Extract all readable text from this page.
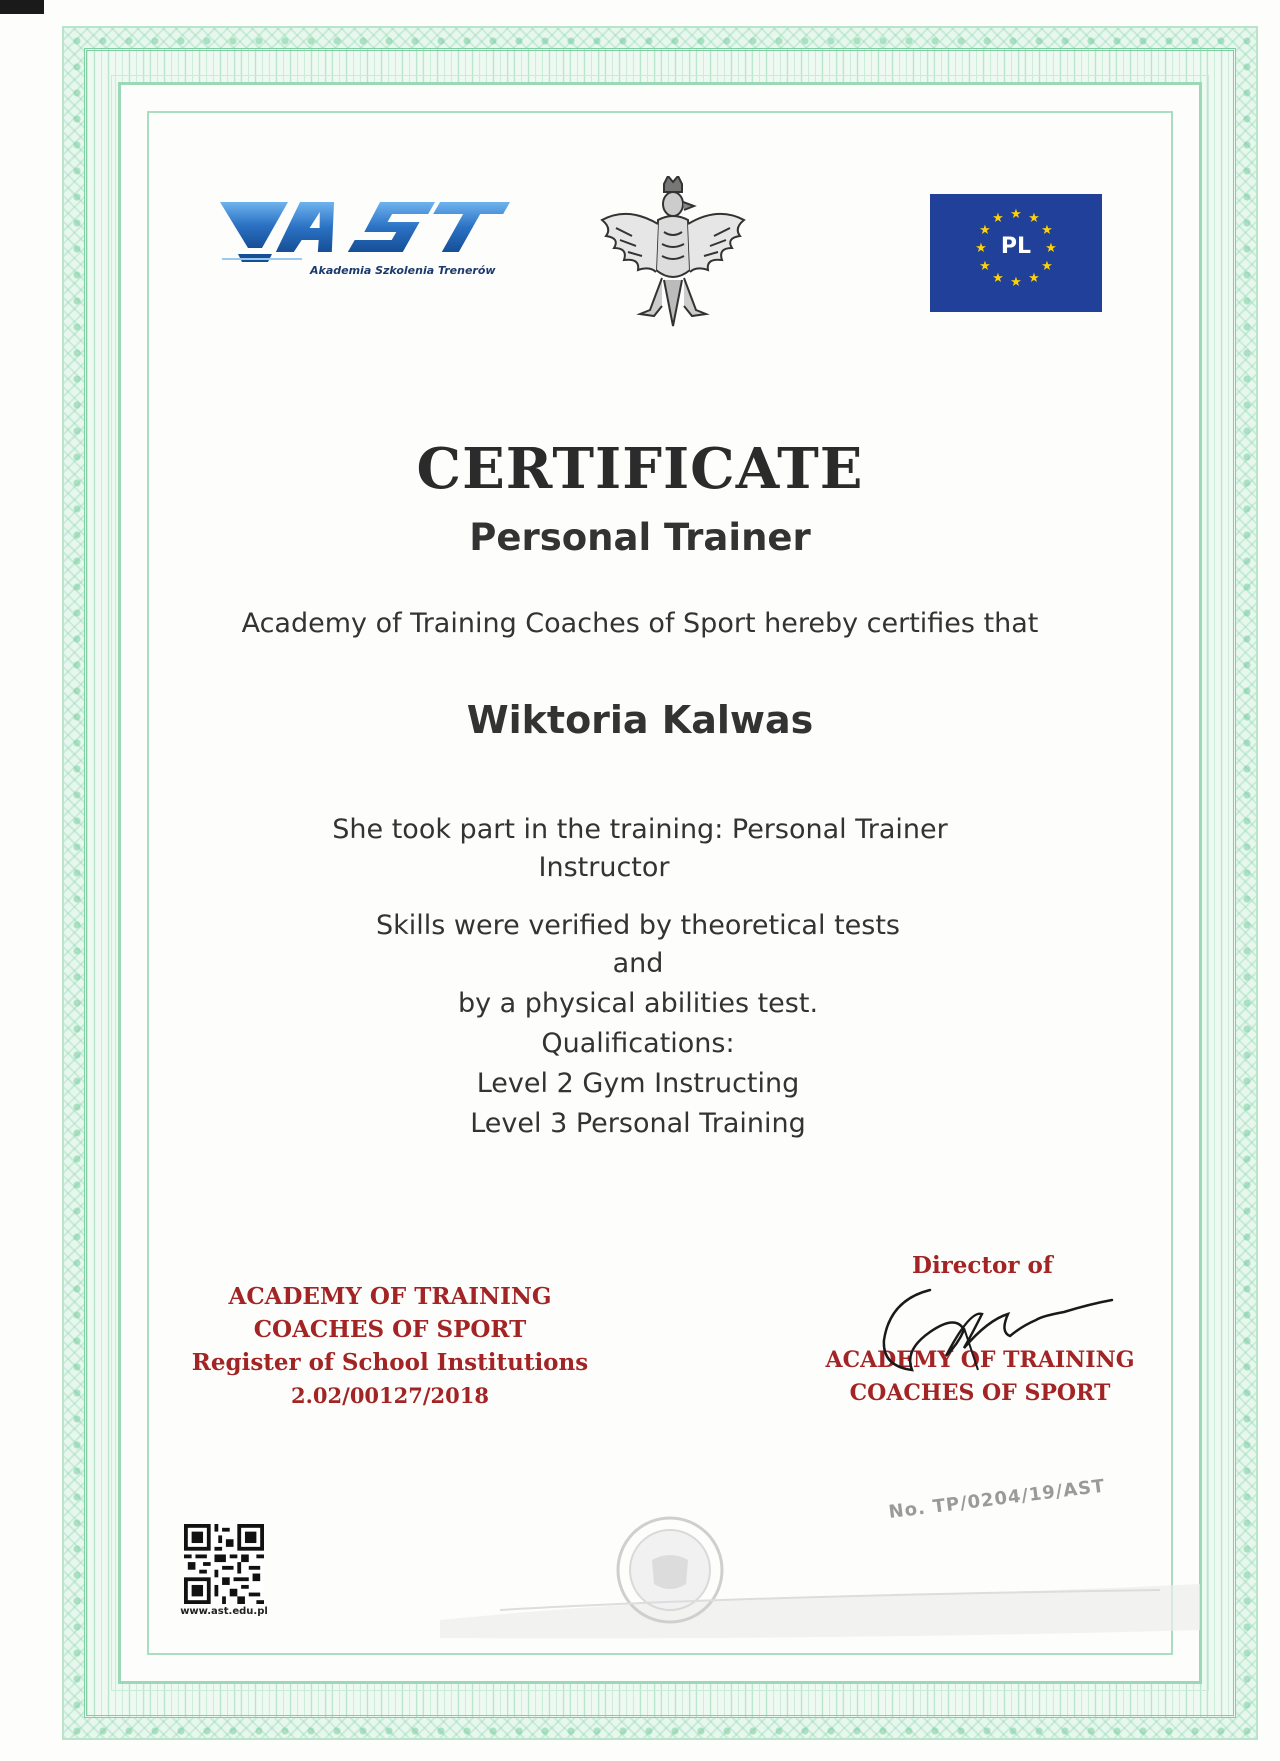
Akademia Szkolenia Trenerów
★ ★
★
★
★
★
★
★
★
★
★
★
PL
CERTIFICATE
Personal Trainer
Academy of Training Coaches of Sport hereby certifies that
Wiktoria Kalwas
She took part in the training: Personal Trainer
Instructor
Skills were verified by theoretical tests
and
by a physical abilities test.
Qualifications:
Level 2 Gym Instructing
Level 3 Personal Training
ACADEMY OF TRAINING
COACHES OF SPORT
Register of School Institutions
2.02/00127/2018
Director of
ACADEMY OF TRAINING
COACHES OF SPORT
No. TP/0204/19/AST
www.ast.edu.pl
